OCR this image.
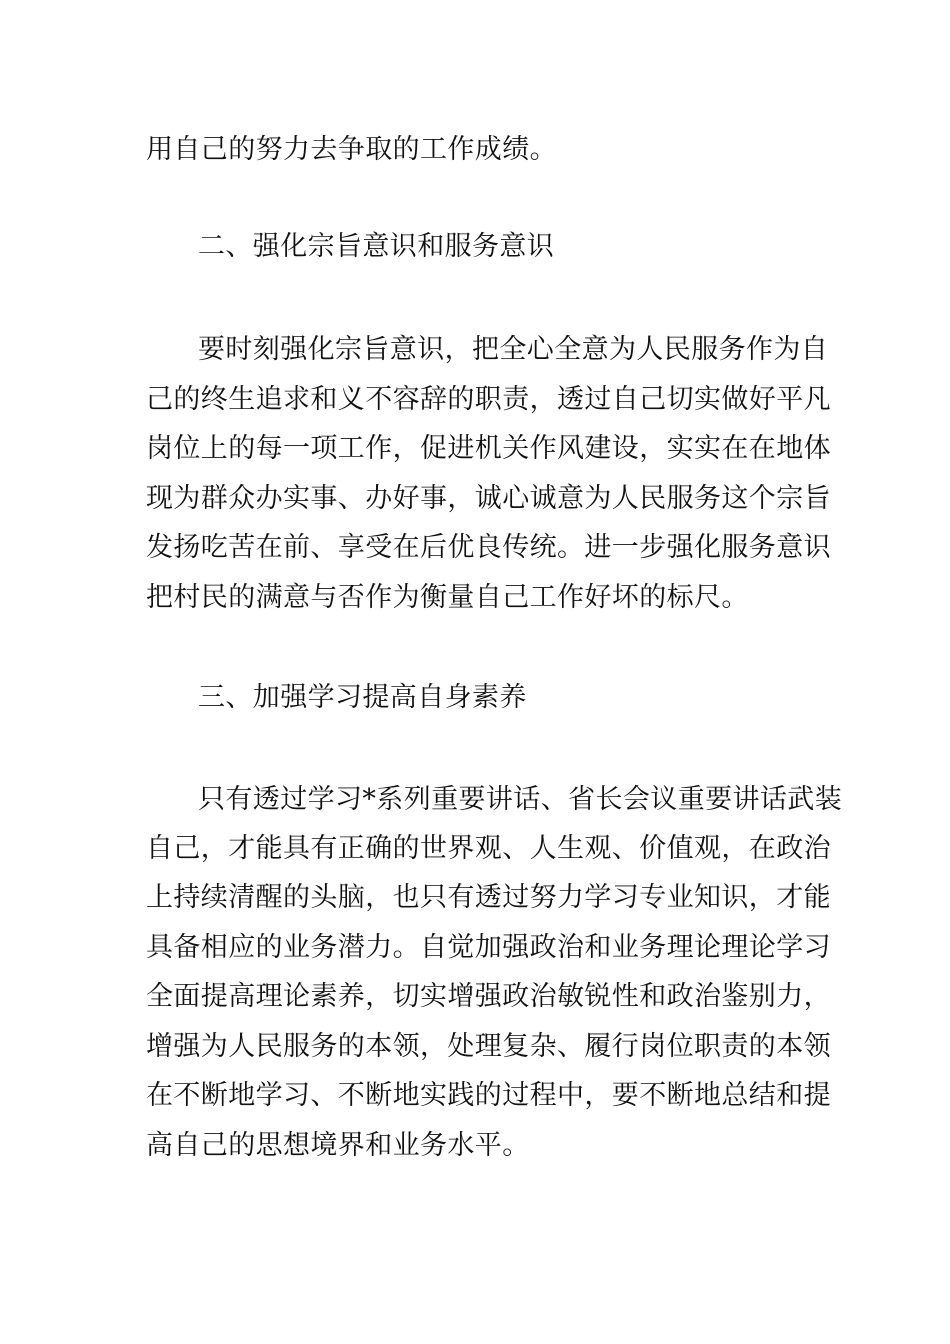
用自己的努力去争取的工作成绩。
二、强化宗旨意识和服务意识
要时刻强化宗旨意识，把全心全意为人民服务作为自
己的终生追求和义不容辞的职责，透过自己切实做好平凡
岗位上的每一项工作，促进机关作风建设，实实在在地体
现为群众办实事、办好事，诚心诚意为人民服务这个宗旨
发扬吃苦在前、享受在后优良传统。进一步强化服务意识
把村民的满意与否作为衡量自己工作好坏的标尺。
三、加强学习提高自身素养
只有透过学习*系列重要讲话、省长会议重要讲话武装
自己，才能具有正确的世界观、人生观、价值观，在政治
上持续清醒的头脑，也只有透过努力学习专业知识，才能
具备相应的业务潜力。自觉加强政治和业务理论理论学习
全面提高理论素养，切实增强政治敏锐性和政治鉴别力，
增强为人民服务的本领，处理复杂、履行岗位职责的本领
在不断地学习、不断地实践的过程中，要不断地总结和提
高自己的思想境界和业务水平。
